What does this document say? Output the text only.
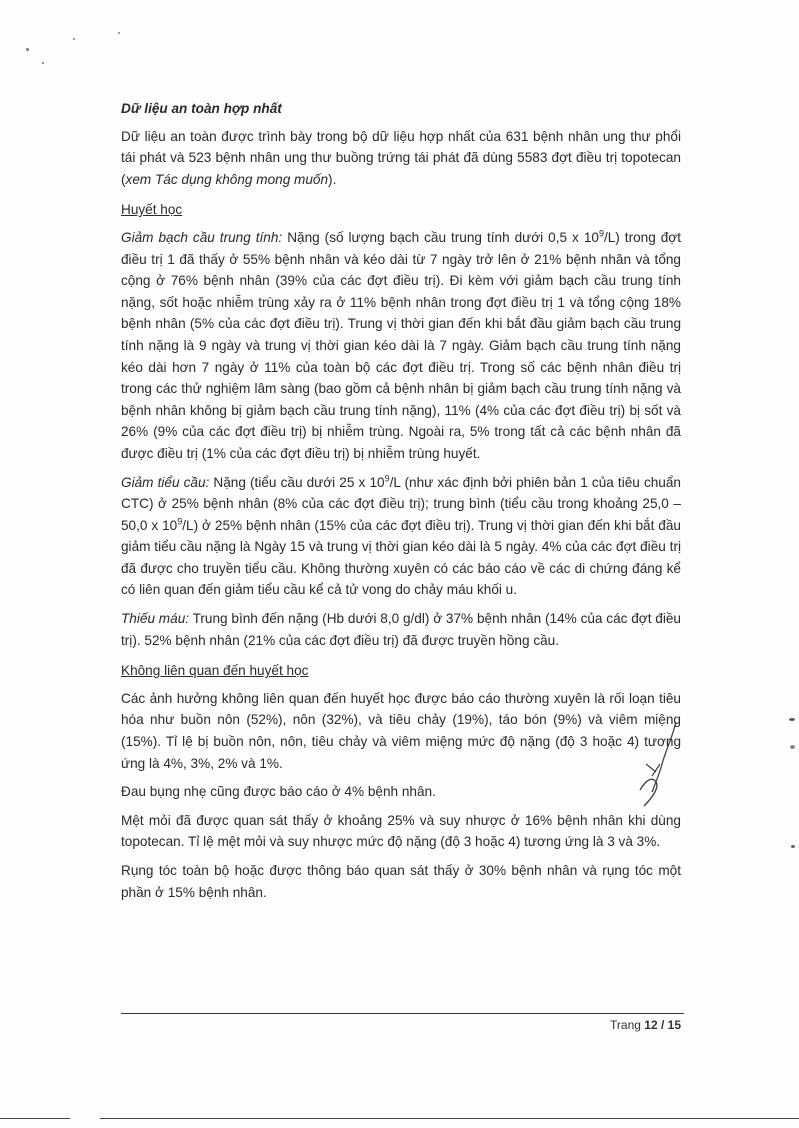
Dữ liệu an toàn hợp nhất

Dữ liệu an toàn được trình bày trong bộ dữ liệu hợp nhất của 631 bệnh nhân ung thư phổi tái phát và 523 bệnh nhân ung thư buồng trứng tái phát đã dùng 5583 đợt điều trị topotecan (xem Tác dụng không mong muốn).

Huyết học

Giảm bạch cầu trung tính: Nặng (số lượng bạch cầu trung tính dưới 0,5 x $10^9/L$) trong đợt điều trị 1 đã thấy ở 55% bệnh nhân và kéo dài từ 7 ngày trở lên ở 21% bệnh nhân và tổng cộng ở 76% bệnh nhân (39% của các đợt điều trị). Đi kèm với giảm bạch cầu trung tính nặng, sốt hoặc nhiễm trùng xảy ra ở 11% bệnh nhân trong đợt điều trị 1 và tổng cộng 18% bệnh nhân (5% của các đợt điều trị). Trung vị thời gian đến khi bắt đầu giảm bạch cầu trung tính nặng là 9 ngày và trung vị thời gian kéo dài là 7 ngày. Giảm bạch cầu trung tính nặng kéo dài hơn 7 ngày ở 11% của toàn bộ các đợt điều trị. Trong số các bệnh nhân điều trị trong các thử nghiệm lâm sàng (bao gồm cả bệnh nhân bị giảm bạch cầu trung tính nặng và bệnh nhân không bị giảm bạch cầu trung tính nặng), 11% (4% của các đợt điều trị) bị sốt và 26% (9% của các đợt điều trị) bị nhiễm trùng. Ngoài ra, 5% trong tất cả các bệnh nhân đã được điều trị (1% của các đợt điều trị) bị nhiễm trùng huyết.

Giảm tiểu cầu: Nặng (tiểu cầu dưới 25 x $10^9/L$ (như xác định bởi phiên bản 1 của tiêu chuẩn CTC) ở 25% bệnh nhân (8% của các đợt điều trị); trung bình (tiểu cầu trong khoảng 25,0 – 50,0 x $10^9/L$) ở 25% bệnh nhân (15% của các đợt điều trị). Trung vị thời gian đến khi bắt đầu giảm tiểu cầu nặng là Ngày 15 và trung vị thời gian kéo dài là 5 ngày. 4% của các đợt điều trị đã được cho truyền tiểu cầu. Không thường xuyên có các báo cáo về các di chứng đáng kể có liên quan đến giảm tiểu cầu kể cả tử vong do chảy máu khối u.

Thiếu máu: Trung bình đến nặng (Hb dưới 8,0 g/dl) ở 37% bệnh nhân (14% của các đợt điều trị). 52% bệnh nhân (21% của các đợt điều trị) đã được truyền hồng cầu.

Không liên quan đến huyết học

Các ảnh hưởng không liên quan đến huyết học được báo cáo thường xuyên là rối loạn tiêu hóa như buồn nôn (52%), nôn (32%), và tiêu chảy (19%), táo bón (9%) và viêm miệng (15%). Tỉ lệ bị buồn nôn, nôn, tiêu chảy và viêm miệng mức độ nặng (độ 3 hoặc 4) tương ứng là 4%, 3%, 2% và 1%.

Đau bụng nhẹ cũng được báo cáo ở 4% bệnh nhân.

Mệt mỏi đã được quan sát thấy ở khoảng 25% và suy nhược ở 16% bệnh nhân khi dùng topotecan. Tỉ lệ mệt mỏi và suy nhược mức độ nặng (độ 3 hoặc 4) tương ứng là 3 và 3%.

Rụng tóc toàn bộ hoặc được thông báo quan sát thấy ở 30% bệnh nhân và rụng tóc một phần ở 15% bệnh nhân.

Trang 12 / 15
